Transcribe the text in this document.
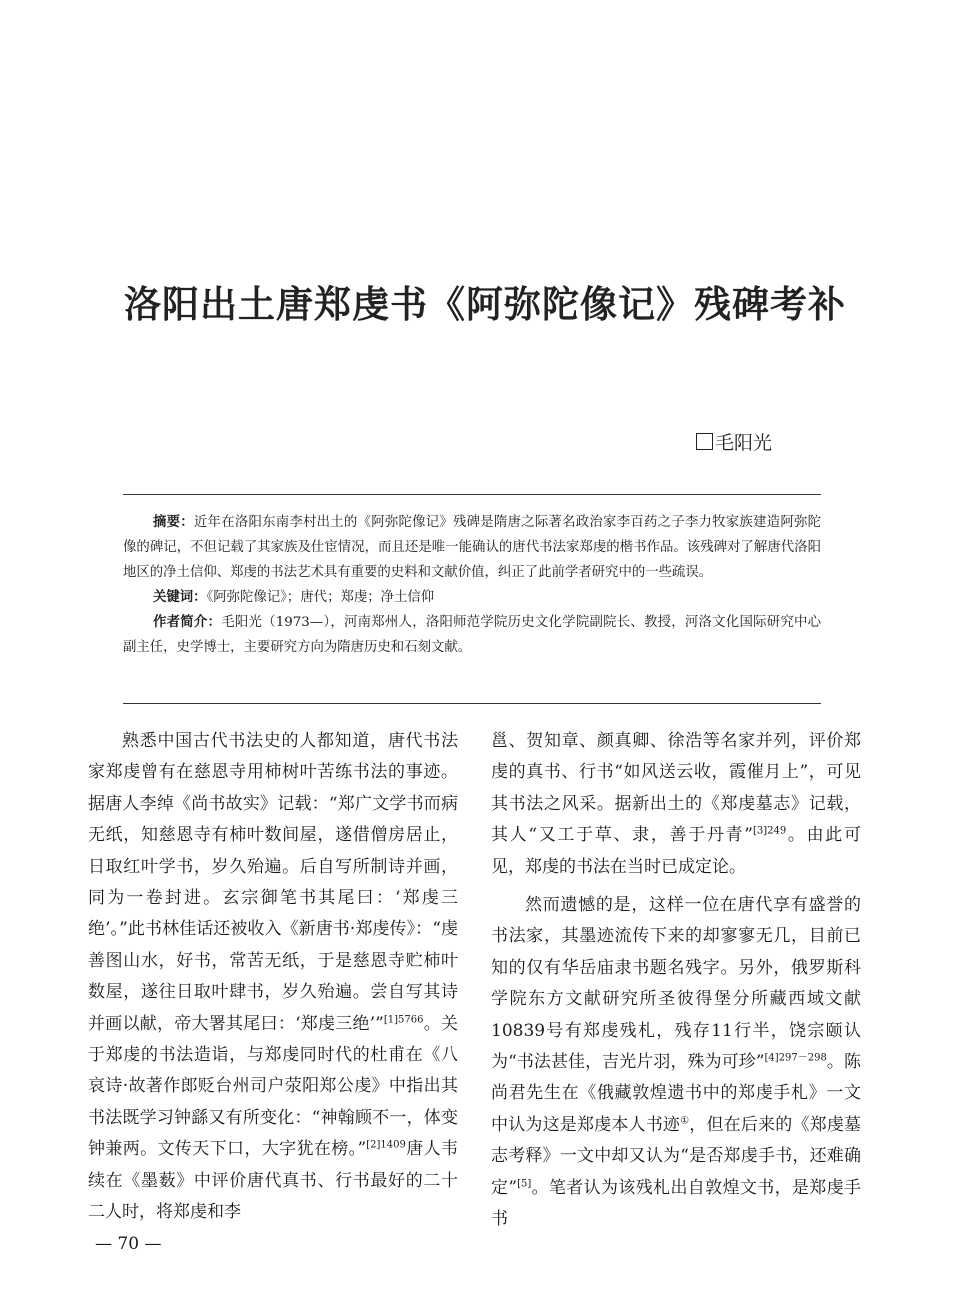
洛阳出土唐郑虔书《阿弥陀像记》残碑考补
毛阳光

摘要：近年在洛阳东南李村出土的《阿弥陀像记》残碑是隋唐之际著名政治家李百药之子李力牧家族建造阿弥陀像的碑记，不但记载了其家族及仕宦情况，而且还是唯一能确认的唐代书法家郑虔的楷书作品。该残碑对了解唐代洛阳地区的净土信仰、郑虔的书法艺术具有重要的史料和文献价值，纠正了此前学者研究中的一些疏误。

关键词：《阿弥陀像记》；唐代；郑虔；净土信仰

作者简介：毛阳光（1973—），河南郑州人，洛阳师范学院历史文化学院副院长、教授，河洛文化国际研究中心副主任，史学博士，主要研究方向为隋唐历史和石刻文献。

熟悉中国古代书法史的人都知道，唐代书法家郑虔曾有在慈恩寺用柿树叶苦练书法的事迹。据唐人李绰《尚书故实》记载：“郑广文学书而病无纸，知慈恩寺有柿叶数间屋，遂借僧房居止，日取红叶学书，岁久殆遍。后自写所制诗并画，同为一卷封进。玄宗御笔书其尾曰：‘郑虔三绝’。”此书林佳话还被收入《新唐书·郑虔传》：“虔善图山水，好书，常苦无纸，于是慈恩寺贮柿叶数屋，遂往日取叶肆书，岁久殆遍。尝自写其诗并画以献，帝大署其尾曰：‘郑虔三绝’”$^{[1]5766}$。关于郑虔的书法造诣，与郑虔同时代的杜甫在《八哀诗·故著作郎贬台州司户荥阳郑公虔》中指出其书法既学习钟繇又有所变化：“神翰顾不一，体变钟兼两。文传天下口，大字犹在榜。”$^{[2]1409}$唐人韦续在《墨薮》中评价唐代真书、行书最好的二十二人时，将郑虔和李

邕、贺知章、颜真卿、徐浩等名家并列，评价郑虔的真书、行书“如风送云收，霞催月上”，可见其书法之风采。据新出土的《郑虔墓志》记载，其人“又工于草、隶，善于丹青”$^{[3]249}$。由此可见，郑虔的书法在当时已成定论。

然而遗憾的是，这样一位在唐代享有盛誉的书法家，其墨迹流传下来的却寥寥无几，目前已知的仅有华岳庙隶书题名残字。另外，俄罗斯科学院东方文献研究所圣彼得堡分所藏西域文献10839号有郑虔残札，残存11行半，饶宗颐认为“书法甚佳，吉光片羽，殊为可珍”$^{[4]297-298}$。陈尚君先生在《俄藏敦煌遗书中的郑虔手札》一文中认为这是郑虔本人书迹①，但在后来的《郑虔墓志考释》一文中却又认为“是否郑虔手书，还难确定”[5]。笔者认为该残札出自敦煌文书，是郑虔手书

— 70 —
